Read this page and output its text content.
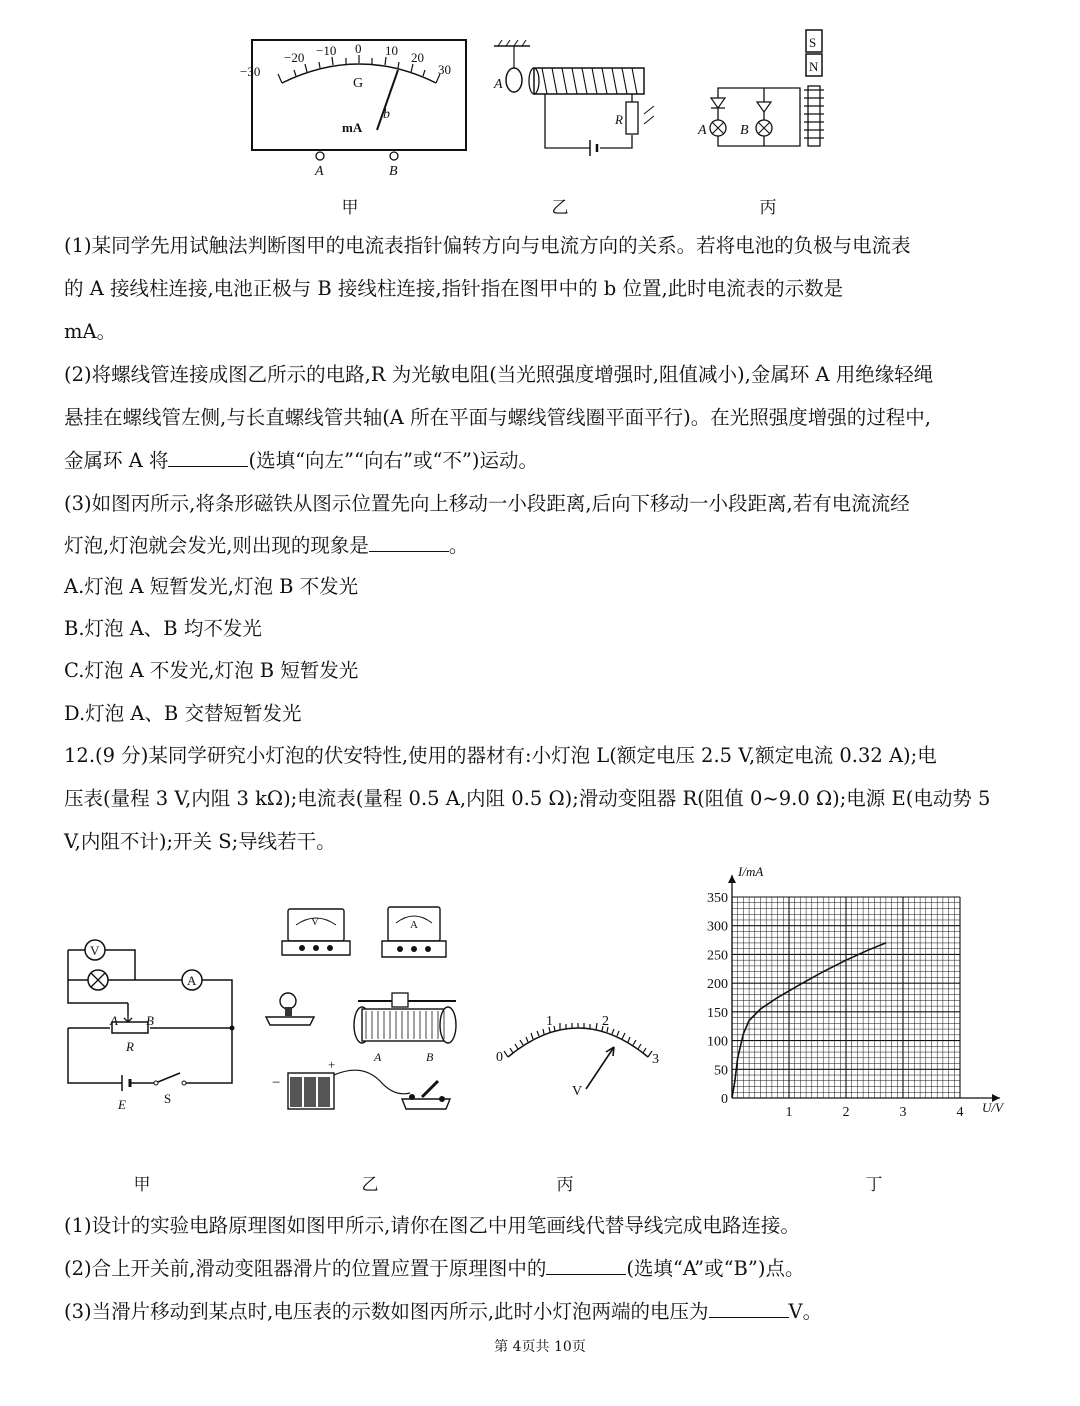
−30
−20 −10 0 10 20
30
G
mA
b
A	B
A
R
S
N
A B
甲	乙	丙
(1)某同学先用试触法判断图甲的电流表指针偏转方向与电流方向的关系。若将电池的负极与电流表
的 A 接线柱连接,电池正极与 B 接线柱连接,指针指在图甲中的 b 位置,此时电流表的示数是
mA。
(2)将螺线管连接成图乙所示的电路,R 为光敏电阻(当光照强度增强时,阻值减小),金属环 A 用绝缘轻绳
悬挂在螺线管左侧,与长直螺线管共轴(A 所在平面与螺线管线圈平面平行)。在光照强度增强的过程中,
金属环 A 将	(选填“向左”“向右”或“不”)运动。
(3)如图丙所示,将条形磁铁从图示位置先向上移动一小段距离,后向下移动一小段距离,若有电流流经
灯泡,灯泡就会发光,则出现的现象是	。
A.灯泡 A 短暂发光,灯泡 B 不发光
B.灯泡 A、B 均不发光
C.灯泡 A 不发光,灯泡 B 短暂发光
D.灯泡 A、B 交替短暂发光
12.(9 分)某同学研究小灯泡的伏安特性,使用的器材有:小灯泡 L(额定电压 2.5 V,额定电流 0.32 A);电
压表(量程 3 V,内阻 3 kΩ);电流表(量程 0.5 A,内阻 0.5 Ω);滑动变阻器 R(阻值 0~9.0 Ω);电源 E(电动势 5
V,内阻不计);开关 S;导线若干。
V
A
A B
R
E	S
V	A
A	B
−
+	0
1	2
3
V
0
50
100
150
200
250
300
350
1	2	3	4
I/mA
U/V
甲	乙	丙	丁
(1)设计的实验电路原理图如图甲所示,请你在图乙中用笔画线代替导线完成电路连接。
(2)合上开关前,滑动变阻器滑片的位置应置于原理图中的	(选填“A”或“B”)点。
(3)当滑片移动到某点时,电压表的示数如图丙所示,此时小灯泡两端的电压为	V。
第 4页共 10页
